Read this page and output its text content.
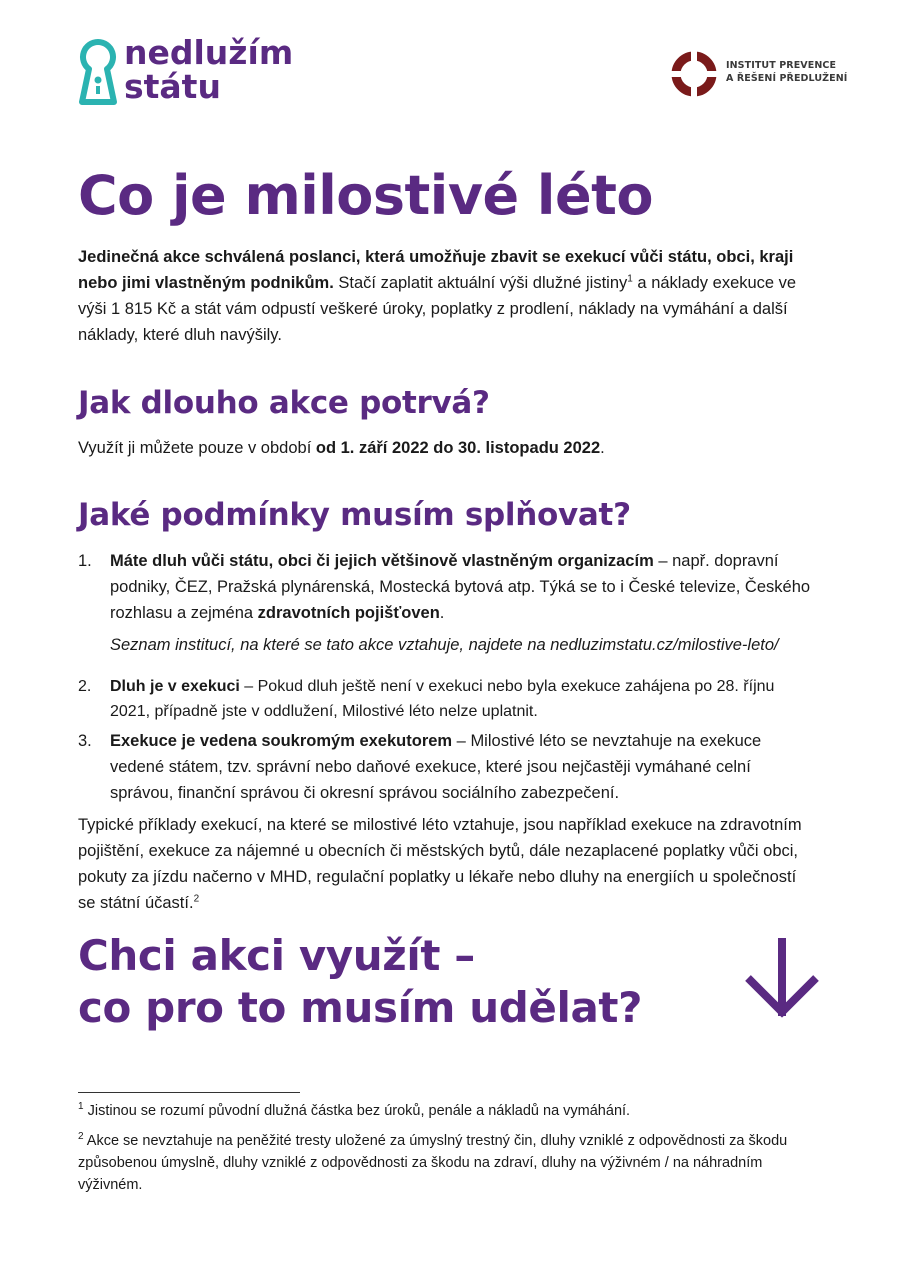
nedlužím
státu
INSTITUT PREVENCE
A ŘEŠENÍ PŘEDLUŽENÍ
Co je milostivé léto

Jedinečná akce schválená poslanci, která umožňuje zbavit se exekucí vůči státu, obci, kraji nebo jimi vlastněným podnikům. Stačí zaplatit aktuální výši dlužné jistiny$^1$ a náklady exekuce ve výši 1 815 Kč a stát vám odpustí veškeré úroky, poplatky z prodlení, náklady na vymáhání a další náklady, které dluh navýšily.

Jak dlouho akce potrvá?

Využít ji můžete pouze v období od 1. září 2022 do 30. listopadu 2022.

Jaké podmínky musím splňovat?
1. Máte dluh vůči státu, obci či jejich většinově vlastněným organizacím – např. dopravní podniky, ČEZ, Pražská plynárenská, Mostecká bytová atp. Týká se to i České televize, Českého rozhlasu a zejména zdravotních pojišťoven.
Seznam institucí, na které se tato akce vztahuje, najdete na nedluzimstatu.cz/milostive-leto/
2. Dluh je v exekuci – Pokud dluh ještě není v exekuci nebo byla exekuce zahájena po 28. říjnu 2021, případně jste v oddlužení, Milostivé léto nelze uplatnit.
3. Exekuce je vedena soukromým exekutorem – Milostivé léto se nevztahuje na exekuce vedené státem, tzv. správní nebo daňové exekuce, které jsou nejčastěji vymáhané celní správou, finanční správou či okresní správou sociálního zabezpečení.

Typické příklady exekucí, na které se milostivé léto vztahuje, jsou například exekuce na zdravotním pojištění, exekuce za nájemné u obecních či městských bytů, dále nezaplacené poplatky vůči obci, pokuty za jízdu načerno v MHD, regulační poplatky u lékaře nebo dluhy na energiích u společností se státní účastí.$^2$

Chci akci využít –
co pro to musím udělat?

$^1$ Jistinou se rozumí původní dlužná částka bez úroků, penále a nákladů na vymáhání.

$^2$ Akce se nevztahuje na peněžité tresty uložené za úmyslný trestný čin, dluhy vzniklé z odpovědnosti za škodu způsobenou úmyslně, dluhy vzniklé z odpovědnosti za škodu na zdraví, dluhy na výživném / na náhradním výživném.
